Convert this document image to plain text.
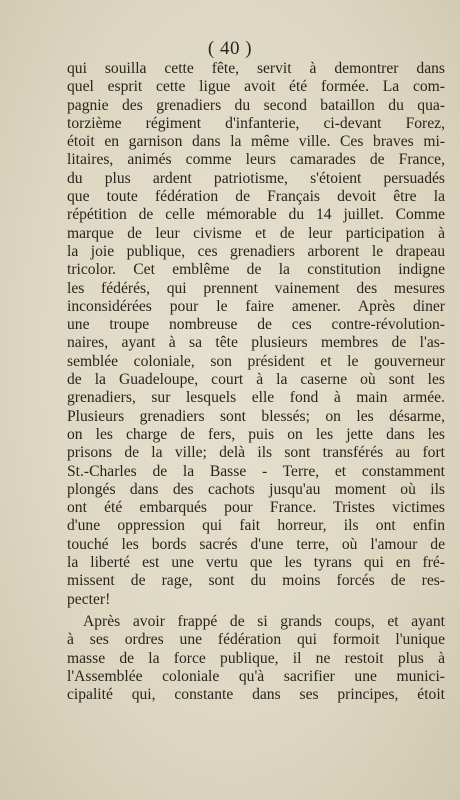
( 40 )
qui souilla cette fête, servit à demontrer dans
quel esprit cette ligue avoit été formée. La com-
pagnie des grenadiers du second bataillon du qua-
torzième régiment d'infanterie, ci-devant Forez,
étoit en garnison dans la même ville. Ces braves mi-
litaires, animés comme leurs camarades de France,
du plus ardent patriotisme, s'étoient persuadés
que toute fédération de Français devoit être la
répétition de celle mémorable du 14 juillet. Comme
marque de leur civisme et de leur participation à
la joie publique, ces grenadiers arborent le drapeau
tricolor. Cet emblême de la constitution indigne
les fédérés, qui prennent vainement des mesures
inconsidérées pour le faire amener. Après diner
une troupe nombreuse de ces contre-révolution-
naires, ayant à sa tête plusieurs membres de l'as-
semblée coloniale, son président et le gouverneur
de la Guadeloupe, court à la caserne où sont les
grenadiers, sur lesquels elle fond à main armée.
Plusieurs grenadiers sont blessés; on les désarme,
on les charge de fers, puis on les jette dans les
prisons de la ville; delà ils sont transférés au fort
St.-Charles de la Basse - Terre, et constamment
plongés dans des cachots jusqu'au moment où ils
ont été embarqués pour France. Tristes victimes
d'une oppression qui fait horreur, ils ont enfin
touché les bords sacrés d'une terre, où l'amour de
la liberté est une vertu que les tyrans qui en fré-
missent de rage, sont du moins forcés de res-
pecter!
Après avoir frappé de si grands coups, et ayant
à ses ordres une fédération qui formoit l'unique
masse de la force publique, il ne restoit plus à
l'Assemblée coloniale qu'à sacrifier une munici-
cipalité qui, constante dans ses principes, étoit
